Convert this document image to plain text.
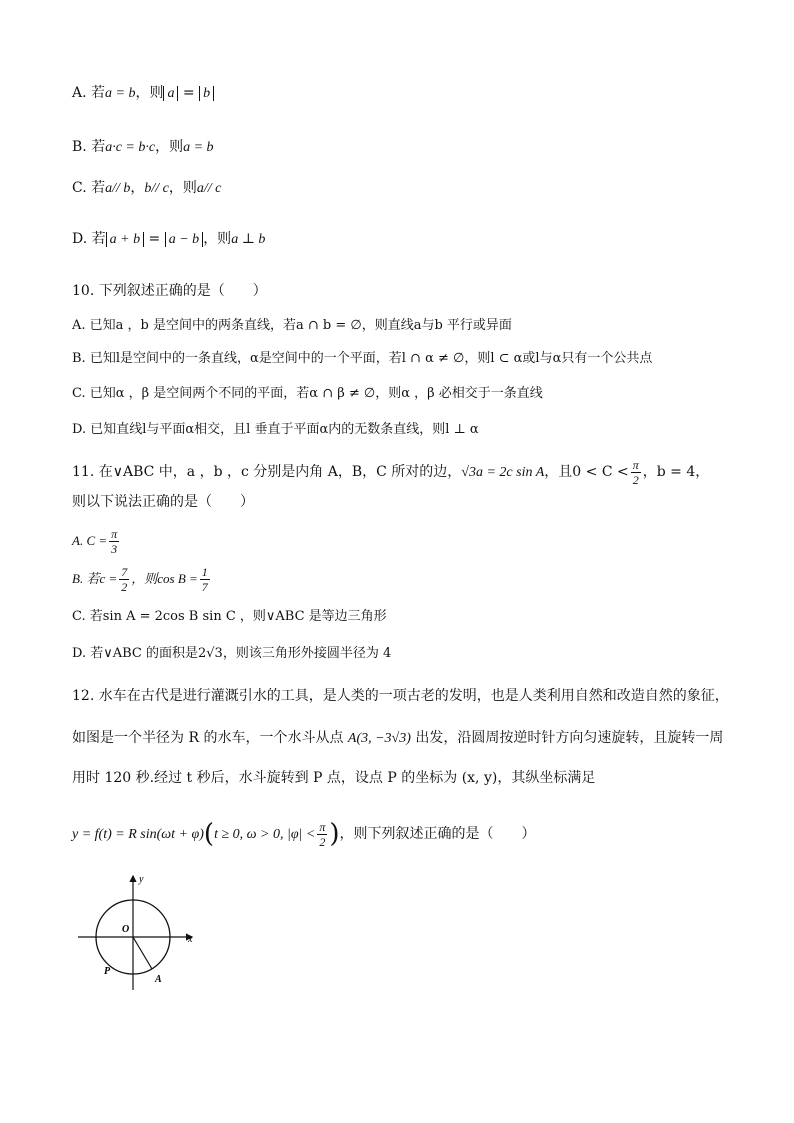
A. 若a = b，则 a = b
B. 若a·c = b·c，则a = b
C. 若a// b，b// c，则a// c
D. 若 a + b = a − b ，则a ⊥ b
10. 下列叙述正确的是（　　）
A. 已知a ，b 是空间中的两条直线，若a ∩ b = ∅，则直线a与b 平行或异面
B. 已知l是空间中的一条直线，α是空间中的一个平面，若l ∩ α ≠ ∅，则l ⊂ α或l与α只有一个公共点
C. 已知α ，β 是空间两个不同的平面，若α ∩ β ≠ ∅，则α ，β 必相交于一条直线
D. 已知直线l与平面α相交，且l 垂直于平面α内的无数条直线，则l ⊥ α
11. 在∨ABC 中，a ，b ，c 分别是内角 A，B，C 所对的边，√3a = 2c sin A，且$0 < C < \frac{\pi}{2}$ ，b = 4，
则以下说法正确的是（　　）
A. $C = \frac{\pi}{3}$
B. 若$c = \frac{7}{2}$ ，则$\cos B = \frac{1}{7}$
C. 若sin A = 2cos B sin C ，则∨ABC 是等边三角形
D. 若∨ABC 的面积是2√3，则该三角形外接圆半径为 4
12. 水车在古代是进行灌溉引水的工具，是人类的一项古老的发明，也是人类利用自然和改造自然的象征，
如图是一个半径为 R 的水车，一个水斗从点 A(3, −3√3) 出发，沿圆周按逆时针方向匀速旋转，且旋转一周
用时 120 秒.经过 t 秒后，水斗旋转到 P 点，设点 P 的坐标为 (x, y)，其纵坐标满足
y = f(t) = R sin(ωt + φ)(t ≥ 0, ω > 0, $|\varphi| < \frac{\pi}{2}$ )，则下列叙述正确的是（　　）
y
x
O
P
A
